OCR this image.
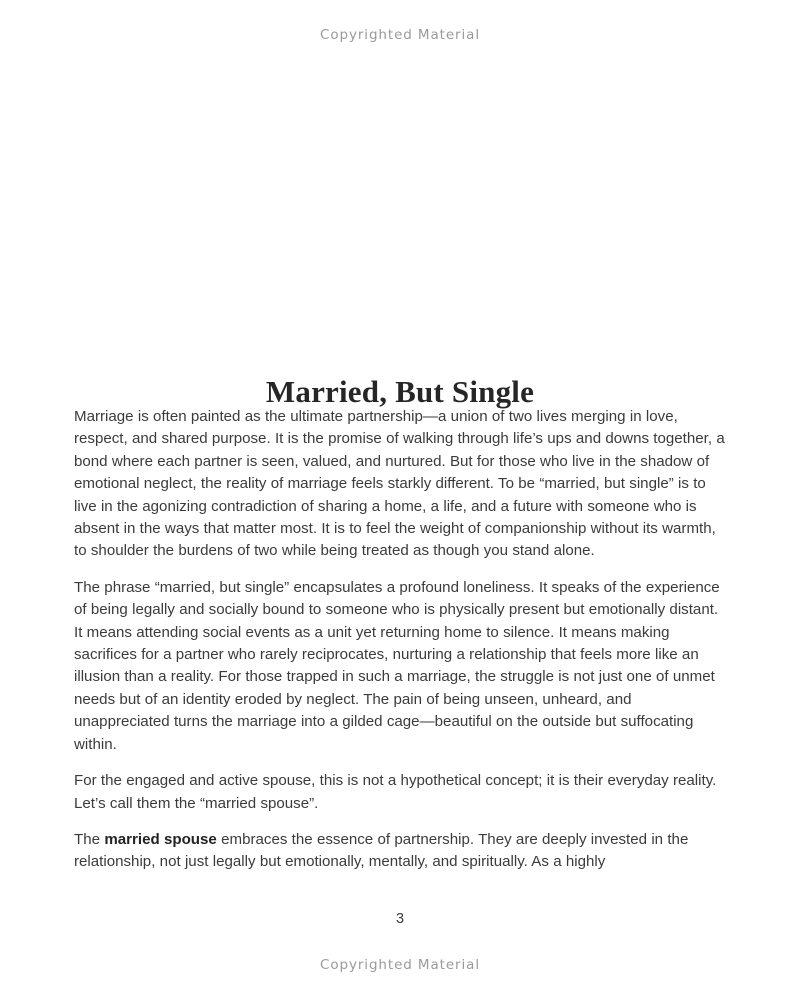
Copyrighted Material
Married, But Single

Marriage is often painted as the ultimate partnership—a union of two lives merging in love, respect, and shared purpose. It is the promise of walking through life’s ups and downs together, a bond where each partner is seen, valued, and nurtured. But for those who live in the shadow of emotional neglect, the reality of marriage feels starkly different. To be “married, but single” is to live in the agonizing contradiction of sharing a home, a life, and a future with someone who is absent in the ways that matter most. It is to feel the weight of companionship without its warmth, to shoulder the burdens of two while being treated as though you stand alone.

The phrase “married, but single” encapsulates a profound loneliness. It speaks of the experience of being legally and socially bound to someone who is physically present but emotionally distant. It means attending social events as a unit yet returning home to silence. It means making sacrifices for a partner who rarely reciprocates, nurturing a relationship that feels more like an illusion than a reality. For those trapped in such a marriage, the struggle is not just one of unmet needs but of an identity eroded by neglect. The pain of being unseen, unheard, and unappreciated turns the marriage into a gilded cage—beautiful on the outside but suffocating within.

For the engaged and active spouse, this is not a hypothetical concept; it is their everyday reality. Let’s call them the “married spouse”.

The married spouse embraces the essence of partnership. They are deeply invested in the relationship, not just legally but emotionally, mentally, and spiritually. As a highly

3
Copyrighted Material
